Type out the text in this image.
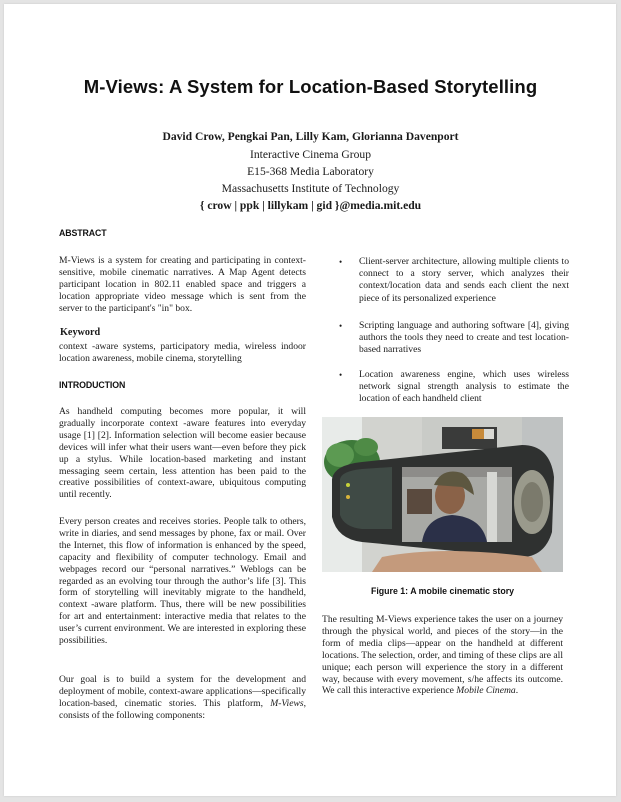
M-Views: A System for Location-Based Storytelling
David Crow, Pengkai Pan, Lilly Kam, Glorianna Davenport
Interactive Cinema Group
E15-368 Media Laboratory
Massachusetts Institute of Technology
{ crow | ppk | lillykam | gid }@media.mit.edu
ABSTRACT

M-Views is a system for creating and participating in context-sensitive, mobile cinematic narratives. A Map Agent detects participant location in 802.11 enabled space and triggers a location appropriate video message which is sent from the server to the participant's "in" box.

Keyword

context -aware systems, participatory media, wireless indoor location awareness, mobile cinema, storytelling

INTRODUCTION

As handheld computing becomes more popular, it will gradually incorporate context -aware features into everyday usage [1] [2]. Information selection will become easier because devices will infer what their users want—even before they pick up a stylus. While location-based marketing and instant messaging seem certain, less attention has been paid to the creative possibilities of context-aware, ubiquitous computing until recently.

Every person creates and receives stories. People talk to others, write in diaries, and send messages by phone, fax or mail. Over the Internet, this flow of information is enhanced by the speed, capacity and flexibility of computer technology. Email and webpages record our “personal narratives.” Weblogs can be regarded as an evolving tour through the author’s life [3]. This form of storytelling will inevitably migrate to the handheld, context -aware platform. Thus, there will be new possibilities for art and entertainment: interactive media that relates to the user’s current environment. We are interested in exploring these possibilities.

Our goal is to build a system for the development and deployment of mobile, context-aware applications—specifically location-based, cinematic stories. This platform, M-Views, consists of the following components:

• Client-server architecture, allowing multiple clients to connect to a story server, which analyzes their context/location data and sends each client the next piece of its personalized experience
• Scripting language and authoring software [4], giving authors the tools they need to create and test location-based narratives
• Location awareness engine, which uses wireless network signal strength analysis to estimate the location of each handheld client
Figure 1: A mobile cinematic story

The resulting M-Views experience takes the user on a journey through the physical world, and pieces of the story—in the form of media clips—appear on the handheld at different locations. The selection, order, and timing of these clips are all unique; each person will experience the story in a different way, because with every movement, s/he affects its outcome. We call this interactive experience Mobile Cinema.
